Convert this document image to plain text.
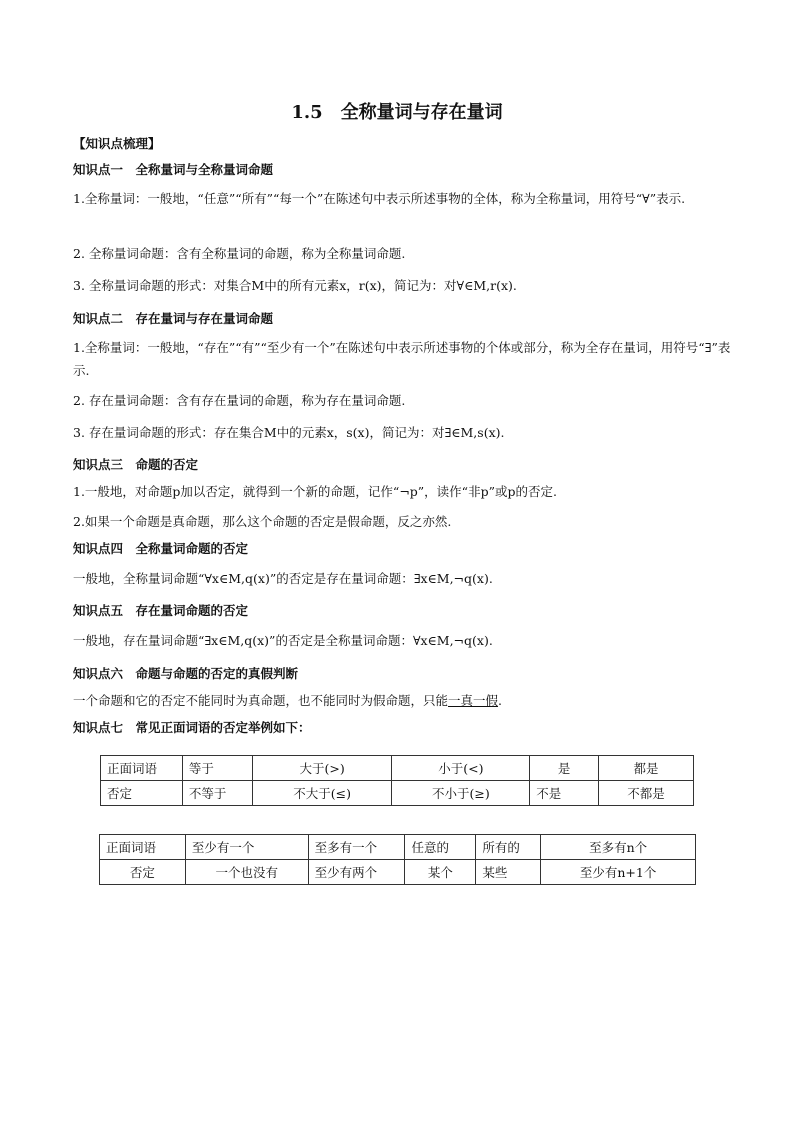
1.5　全称量词与存在量词
【知识点梳理】
知识点一　全称量词与全称量词命题
1.全称量词：一般地，“任意”“所有”“每一个”在陈述句中表示所述事物的全体，称为全称量词，用符号“∀”表示.
2. 全称量词命题：含有全称量词的命题，称为全称量词命题.
3. 全称量词命题的形式：对集合M中的所有元素x，r(x)，简记为：对∀∈M,r(x).
知识点二　存在量词与存在量词命题
1.全称量词：一般地，“存在”“有”“至少有一个”在陈述句中表示所述事物的个体或部分，称为全存在量词，用符号“∃”表示.
2. 存在量词命题：含有存在量词的命题，称为存在量词命题.
3. 存在量词命题的形式：存在集合M中的元素x，s(x)，简记为：对∃∈M,s(x).
知识点三　命题的否定
1.一般地，对命题p加以否定，就得到一个新的命题，记作“¬p”，读作“非p”或p的否定.
2.如果一个命题是真命题，那么这个命题的否定是假命题，反之亦然.
知识点四　全称量词命题的否定
一般地，全称量词命题“∀x∈M,q(x)”的否定是存在量词命题：∃x∈M,¬q(x).
知识点五　存在量词命题的否定
一般地，存在量词命题“∃x∈M,q(x)”的否定是全称量词命题：∀x∈M,¬q(x).
知识点六　命题与命题的否定的真假判断
一个命题和它的否定不能同时为真命题，也不能同时为假命题，只能一真一假.
知识点七　常见正面词语的否定举例如下：
正面词语	等于	大于(>)	小于(<)	是	都是
否定	不等于	不大于(≤)	不小于(≥)	不是	不都是
正面词语	至少有一个	至多有一个	任意的	所有的	至多有n个
否定	一个也没有	至少有两个	某个	某些	至少有n+1个
